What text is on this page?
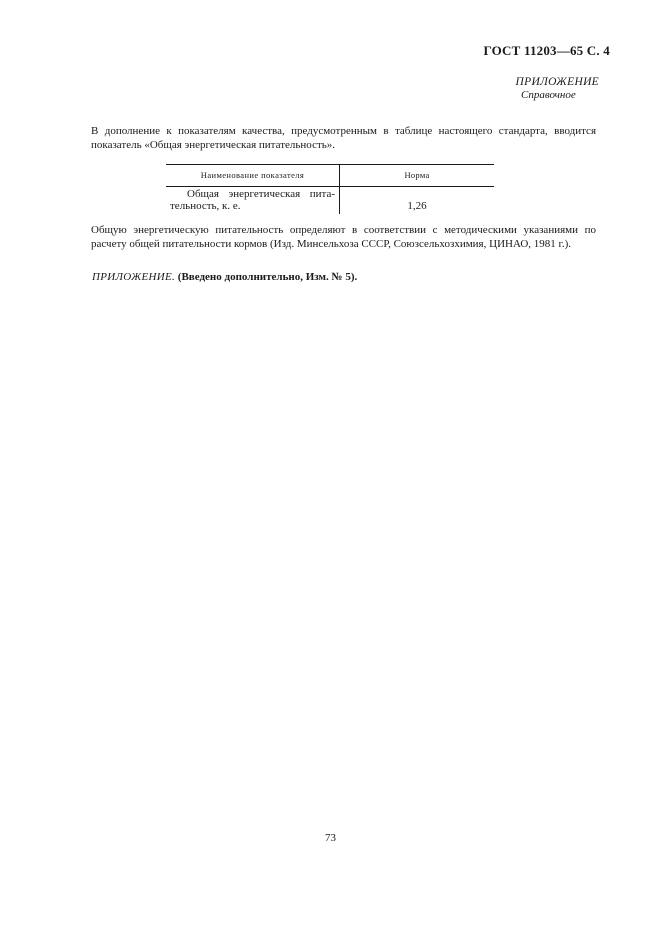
ГОСТ 11203—65 С. 4
ПРИЛОЖЕНИЕ
Справочное
В дополнение к показателям качества, предусмотренным в таблице настоящего стандарта, вводится
показатель «Общая энергетическая питательность».
Наименование показателя	Норма
Общая энергетическая пита-
тельность, к. е.	1,26
Общую энергетическую питательность определяют в соответствии с методическими указаниями по
расчету общей питательности кормов (Изд. Минсельхоза СССР, Союзсельхозхимия, ЦИНАО, 1981 г.).
ПРИЛОЖЕНИЕ. (Введено дополнительно, Изм. № 5).
73
